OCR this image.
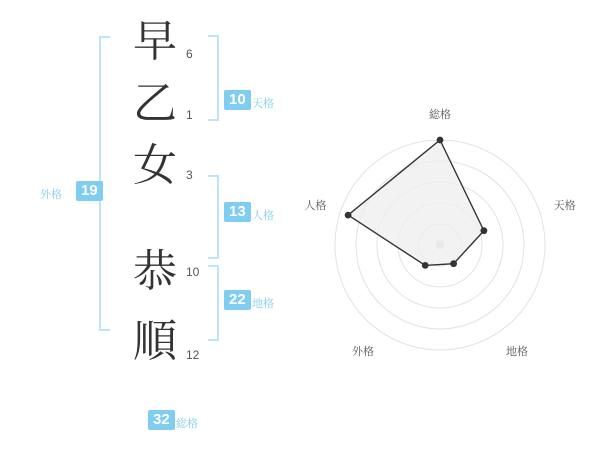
早
乙
女
恭
順
6
1
3
10
12
10 天格
13 人格
22 地格
19
外格
32 総格
総格
天格
地格
外格
人格
